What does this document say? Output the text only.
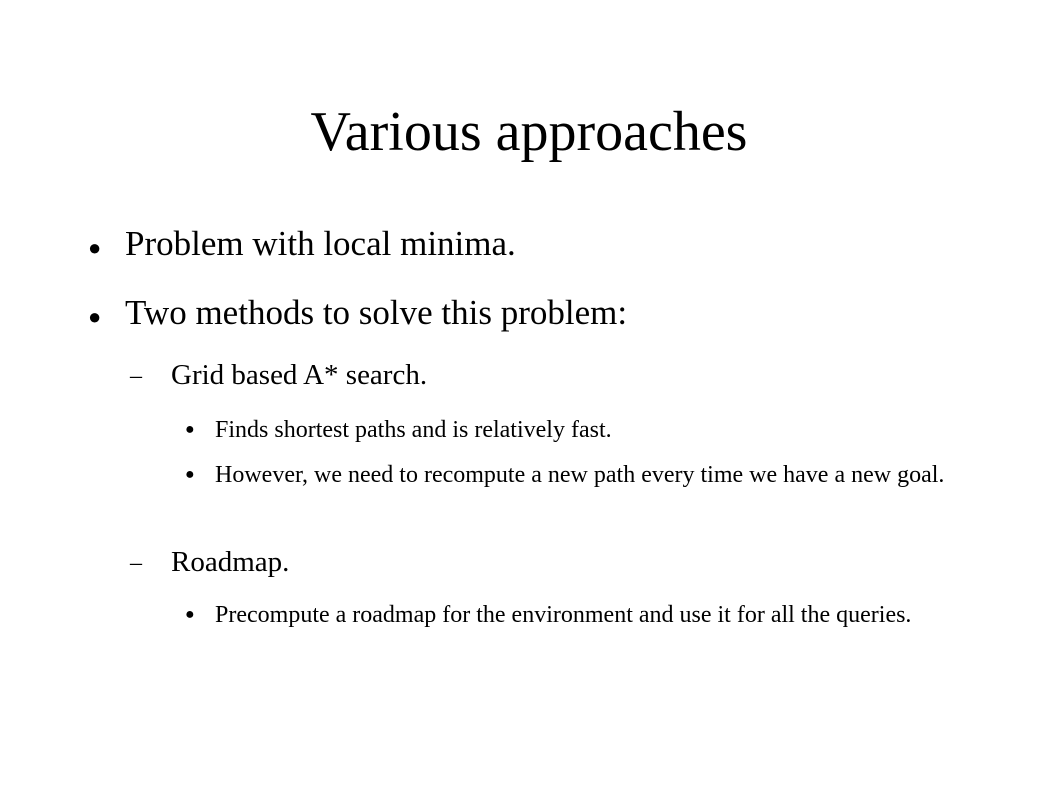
Various approaches
● Problem with local minima.
● Two methods to solve this problem:
– Grid based A* search.
● Finds shortest paths and is relatively fast.
● However, we need to recompute a new path every time we have a new goal.
– Roadmap.
● Precompute a roadmap for the environment and use it for all the queries.
